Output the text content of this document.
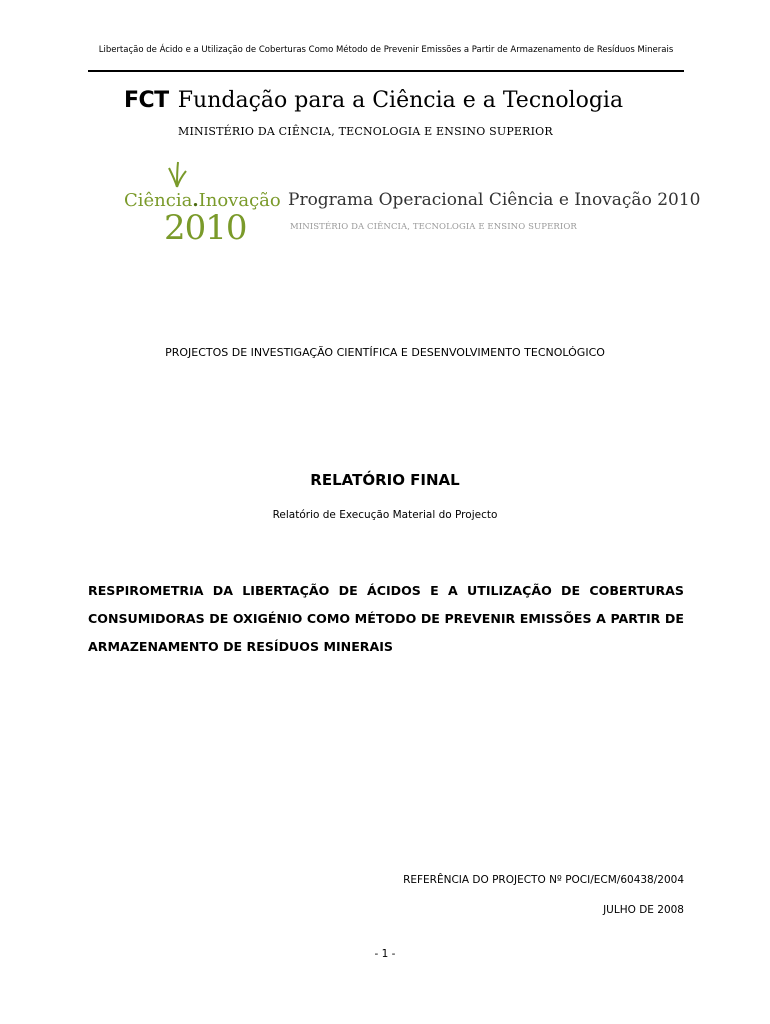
Libertação de Ácido e a Utilização de Coberturas Como Método de Prevenir Emissões a Partir de Armazenamento de Resíduos Minerais
FCT Fundação para a Ciência e a Tecnologia
MINISTÉRIO DA CIÊNCIA, TECNOLOGIA E ENSINO SUPERIOR
Ciência.Inovação
2010
Programa Operacional Ciência e Inovação 2010
MINISTÉRIO DA CIÊNCIA, TECNOLOGIA E ENSINO SUPERIOR
PROJECTOS DE INVESTIGAÇÃO CIENTÍFICA E DESENVOLVIMENTO TECNOLÓGICO
RELATÓRIO FINAL
Relatório de Execução Material do Projecto
RESPIROMETRIA DA LIBERTAÇÃO DE ÁCIDOS E A UTILIZAÇÃO DE COBERTURAS CONSUMIDORAS DE OXIGÉNIO COMO MÉTODO DE PREVENIR EMISSÕES A PARTIR DE ARMAZENAMENTO DE RESÍDUOS MINERAIS
REFERÊNCIA DO PROJECTO Nº POCI/ECM/60438/2004
JULHO DE 2008
- 1 -
